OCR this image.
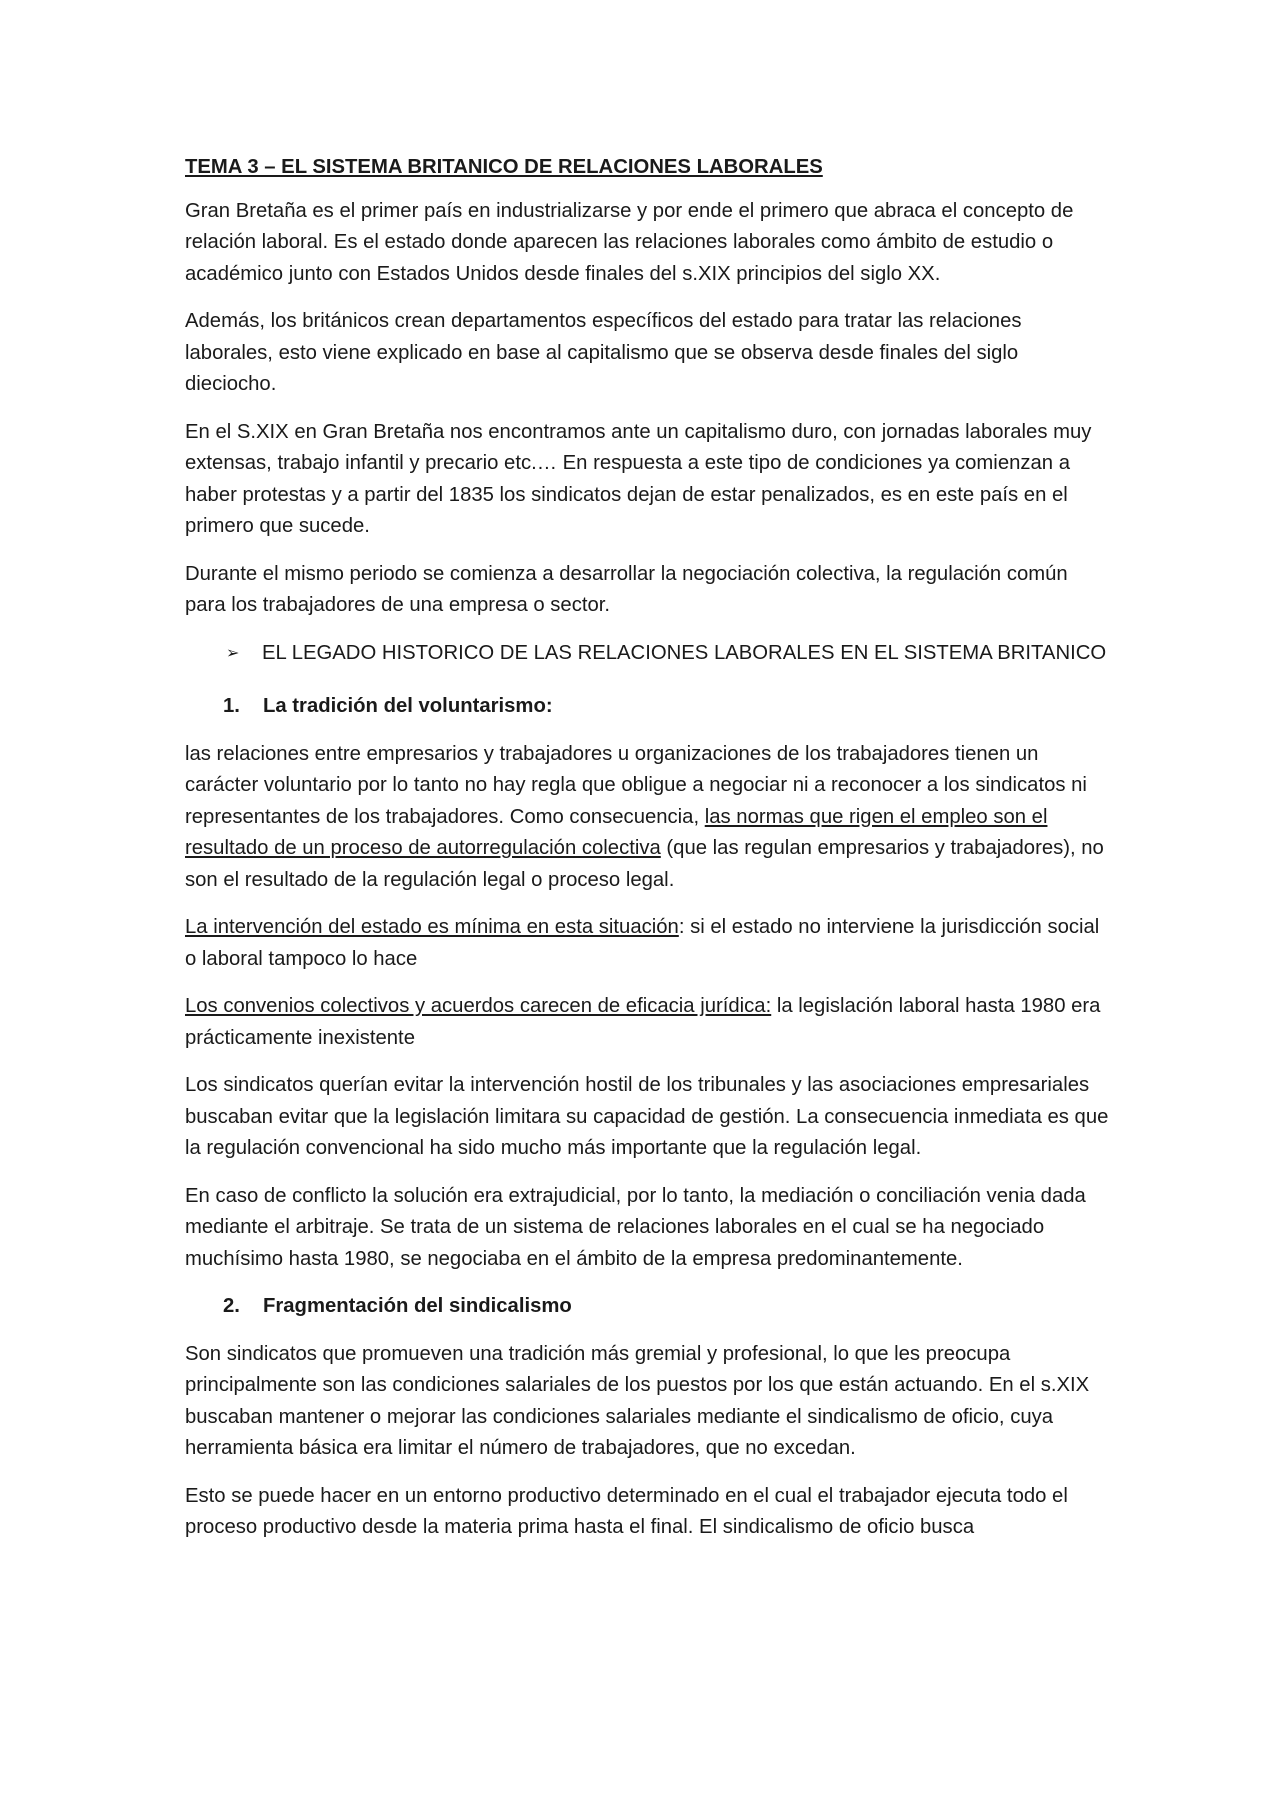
TEMA 3 – EL SISTEMA BRITANICO DE RELACIONES LABORALES

Gran Bretaña es el primer país en industrializarse y por ende el primero que abraca el concepto de relación laboral. Es el estado donde aparecen las relaciones laborales como ámbito de estudio o académico junto con Estados Unidos desde finales del s.XIX principios del siglo XX.

Además, los británicos crean departamentos específicos del estado para tratar las relaciones laborales, esto viene explicado en base al capitalismo que se observa desde finales del siglo dieciocho.

En el S.XIX en Gran Bretaña nos encontramos ante un capitalismo duro, con jornadas laborales muy extensas, trabajo infantil y precario etc.… En respuesta a este tipo de condiciones ya comienzan a haber protestas y a partir del 1835 los sindicatos dejan de estar penalizados, es en este país en el primero que sucede.

Durante el mismo periodo se comienza a desarrollar la negociación colectiva, la regulación común para los trabajadores de una empresa o sector.

➢	EL LEGADO HISTORICO DE LAS RELACIONES LABORALES EN EL SISTEMA BRITANICO

1.	La tradición del voluntarismo:

las relaciones entre empresarios y trabajadores u organizaciones de los trabajadores tienen un carácter voluntario por lo tanto no hay regla que obligue a negociar ni a reconocer a los sindicatos ni representantes de los trabajadores. Como consecuencia, las normas que rigen el empleo son el resultado de un proceso de autorregulación colectiva (que las regulan empresarios y trabajadores), no son el resultado de la regulación legal o proceso legal.

La intervención del estado es mínima en esta situación: si el estado no interviene la jurisdicción social o laboral tampoco lo hace

Los convenios colectivos y acuerdos carecen de eficacia jurídica: la legislación laboral hasta 1980 era prácticamente inexistente

Los sindicatos querían evitar la intervención hostil de los tribunales y las asociaciones empresariales buscaban evitar que la legislación limitara su capacidad de gestión. La consecuencia inmediata es que la regulación convencional ha sido mucho más importante que la regulación legal.

En caso de conflicto la solución era extrajudicial, por lo tanto, la mediación o conciliación venia dada mediante el arbitraje. Se trata de un sistema de relaciones laborales en el cual se ha negociado muchísimo hasta 1980, se negociaba en el ámbito de la empresa predominantemente.

2.	Fragmentación del sindicalismo

Son sindicatos que promueven una tradición más gremial y profesional, lo que les preocupa principalmente son las condiciones salariales de los puestos por los que están actuando. En el s.XIX buscaban mantener o mejorar las condiciones salariales mediante el sindicalismo de oficio, cuya herramienta básica era limitar el número de trabajadores, que no excedan.

Esto se puede hacer en un entorno productivo determinado en el cual el trabajador ejecuta todo el proceso productivo desde la materia prima hasta el final. El sindicalismo de oficio busca
